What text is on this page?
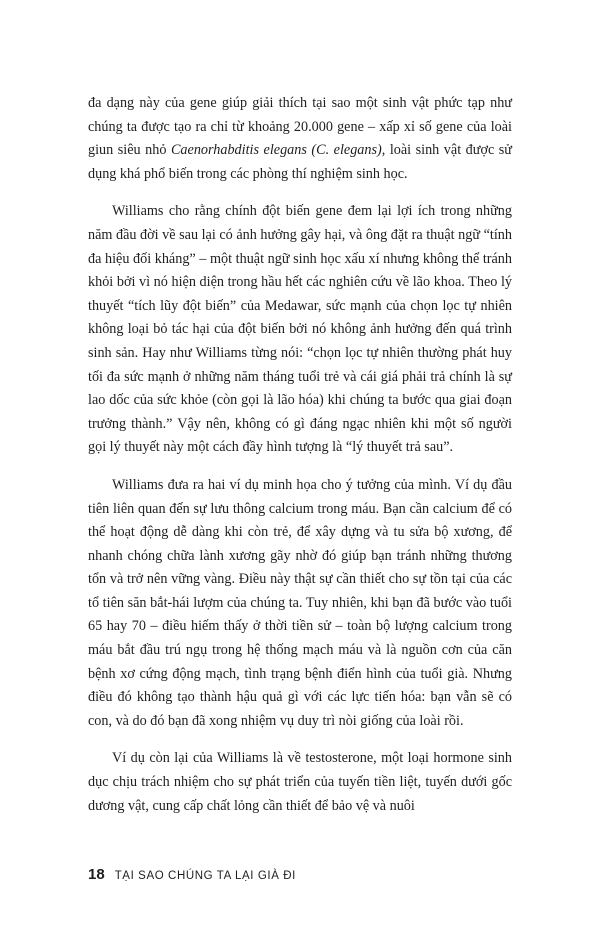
đa dạng này của gene giúp giải thích tại sao một sinh vật phức tạp như chúng ta được tạo ra chỉ từ khoảng 20.000 gene – xấp xỉ số gene của loài giun siêu nhỏ Caenorhabditis elegans (C. elegans), loài sinh vật được sử dụng khá phổ biến trong các phòng thí nghiệm sinh học.

Williams cho rằng chính đột biến gene đem lại lợi ích trong những năm đầu đời về sau lại có ảnh hưởng gây hại, và ông đặt ra thuật ngữ “tính đa hiệu đối kháng” – một thuật ngữ sinh học xấu xí nhưng không thể tránh khỏi bởi vì nó hiện diện trong hầu hết các nghiên cứu về lão khoa. Theo lý thuyết “tích lũy đột biến” của Medawar, sức mạnh của chọn lọc tự nhiên không loại bỏ tác hại của đột biến bởi nó không ảnh hưởng đến quá trình sinh sản. Hay như Williams từng nói: “chọn lọc tự nhiên thường phát huy tối đa sức mạnh ở những năm tháng tuổi trẻ và cái giá phải trả chính là sự lao dốc của sức khỏe (còn gọi là lão hóa) khi chúng ta bước qua giai đoạn trưởng thành.” Vậy nên, không có gì đáng ngạc nhiên khi một số người gọi lý thuyết này một cách đầy hình tượng là “lý thuyết trả sau”.

Williams đưa ra hai ví dụ minh họa cho ý tưởng của mình. Ví dụ đầu tiên liên quan đến sự lưu thông calcium trong máu. Bạn cần calcium để có thể hoạt động dễ dàng khi còn trẻ, để xây dựng và tu sửa bộ xương, để nhanh chóng chữa lành xương gãy nhờ đó giúp bạn tránh những thương tổn và trở nên vững vàng. Điều này thật sự cần thiết cho sự tồn tại của các tổ tiên săn bắt-hái lượm của chúng ta. Tuy nhiên, khi bạn đã bước vào tuổi 65 hay 70 – điều hiếm thấy ở thời tiền sử – toàn bộ lượng calcium trong máu bắt đầu trú ngụ trong hệ thống mạch máu và là nguồn cơn của căn bệnh xơ cứng động mạch, tình trạng bệnh điển hình của tuổi già. Nhưng điều đó không tạo thành hậu quả gì với các lực tiến hóa: bạn vẫn sẽ có con, và do đó bạn đã xong nhiệm vụ duy trì nòi giống của loài rồi.

Ví dụ còn lại của Williams là về testosterone, một loại hormone sinh dục chịu trách nhiệm cho sự phát triển của tuyến tiền liệt, tuyến dưới gốc dương vật, cung cấp chất lỏng cần thiết để bảo vệ và nuôi

18 TẠI SAO CHÚNG TA LẠI GIÀ ĐI
